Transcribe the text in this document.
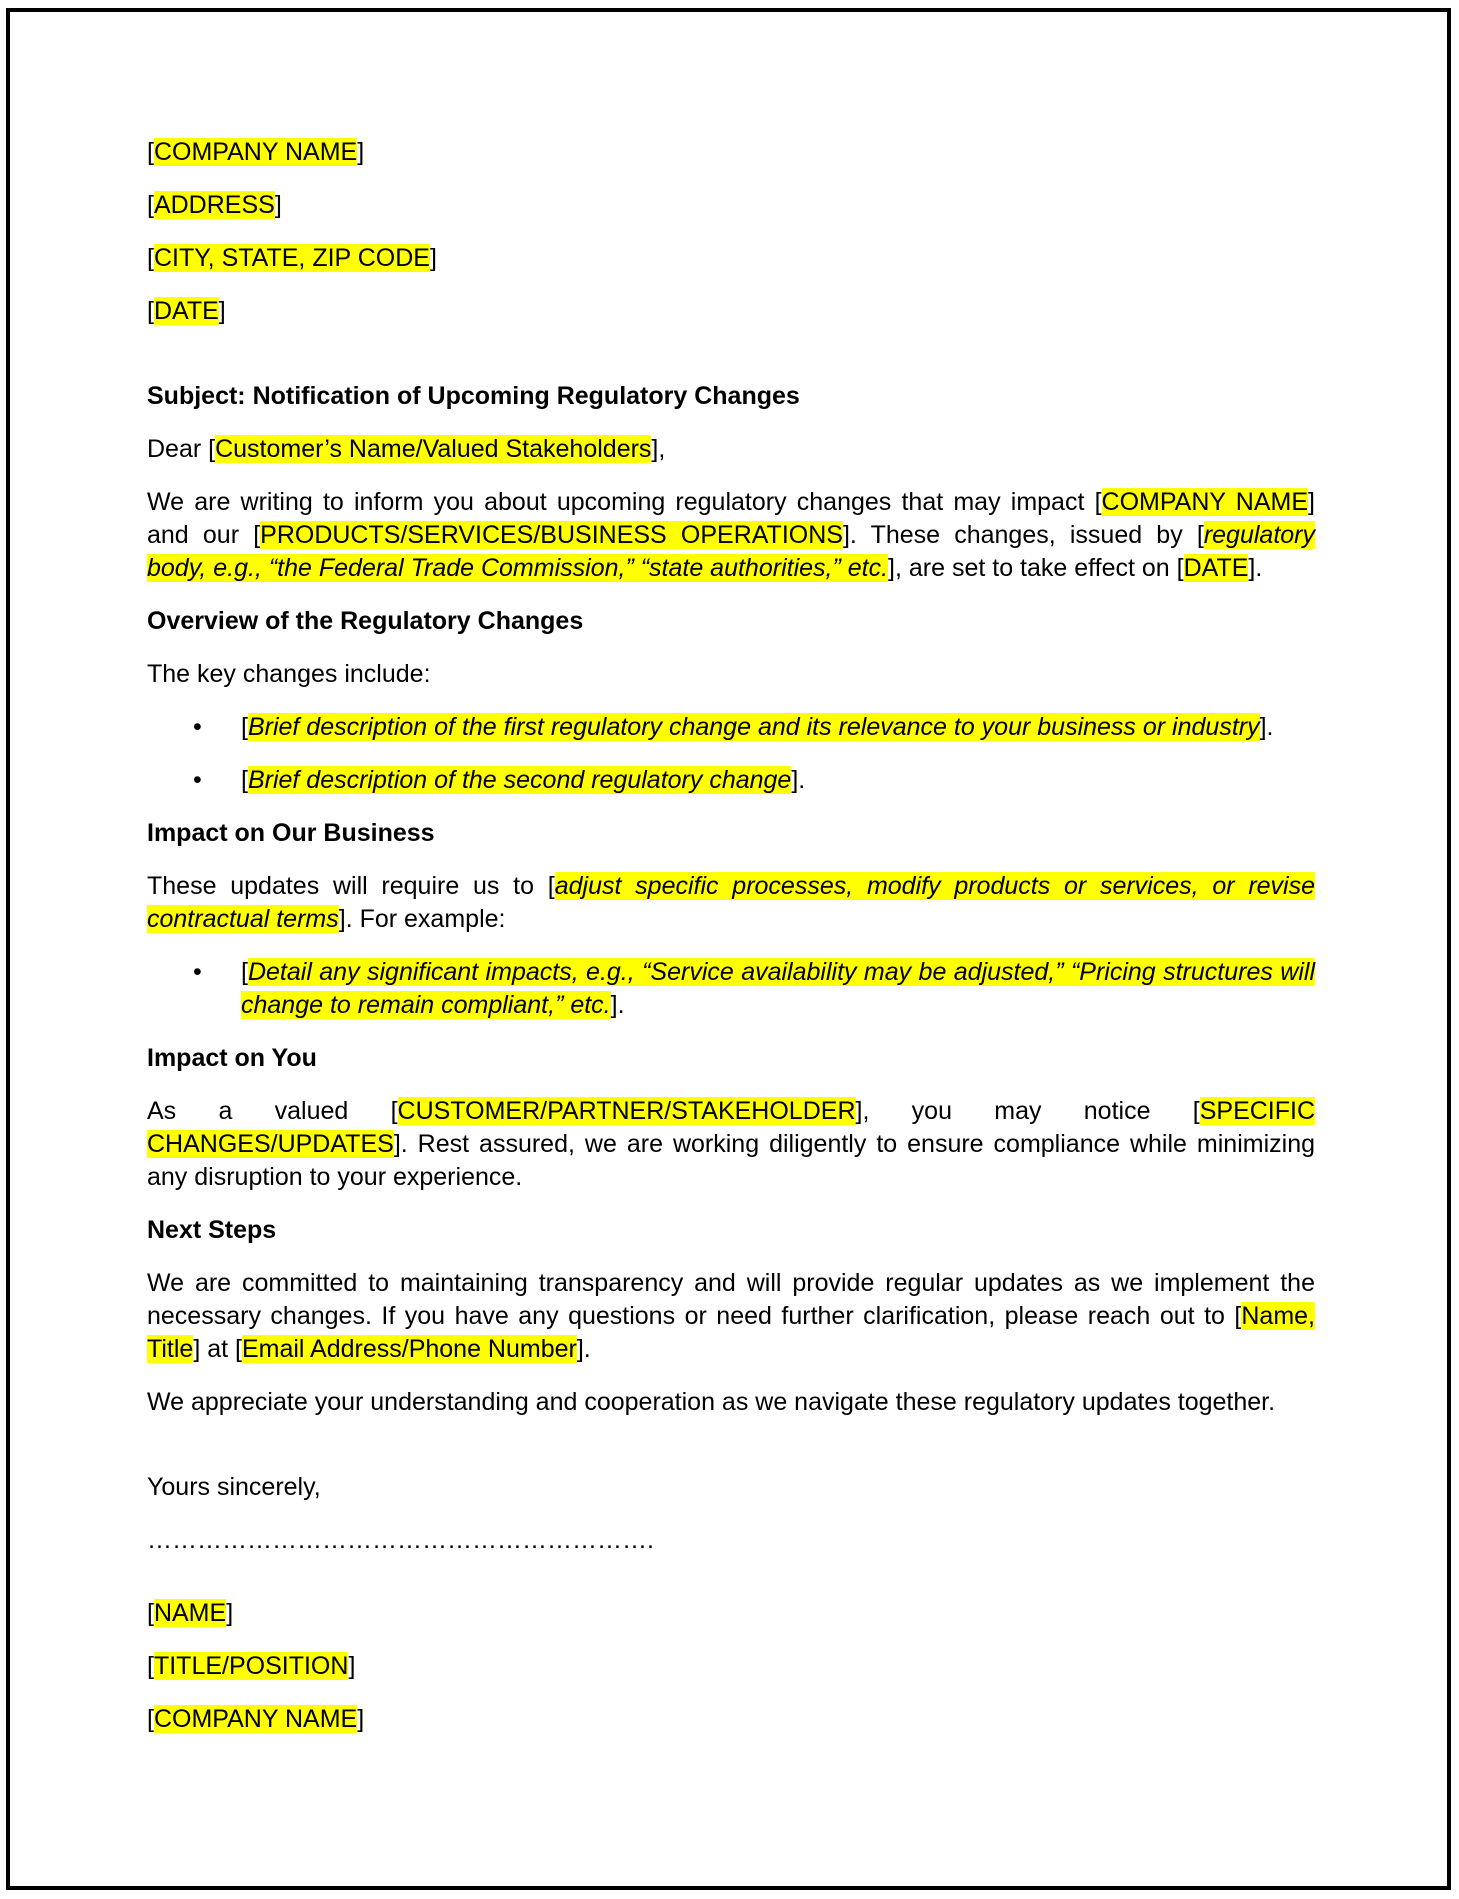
[COMPANY NAME]

[ADDRESS]

[CITY, STATE, ZIP CODE]

[DATE]

Subject: Notification of Upcoming Regulatory Changes

Dear [Customer’s Name/Valued Stakeholders],

We are writing to inform you about upcoming regulatory changes that may impact [COMPANY NAME] and our [PRODUCTS/SERVICES/BUSINESS OPERATIONS]. These changes, issued by [regulatory body, e.g., “the Federal Trade Commission,” “state authorities,” etc.], are set to take effect on [DATE].

Overview of the Regulatory Changes

The key changes include:

• [Brief description of the first regulatory change and its relevance to your business or industry].
• [Brief description of the second regulatory change].

Impact on Our Business

These updates will require us to [adjust specific processes, modify products or services, or revise contractual terms]. For example:

• [Detail any significant impacts, e.g., “Service availability may be adjusted,” “Pricing structures will change to remain compliant,” etc.].

Impact on You

As a valued [CUSTOMER/PARTNER/STAKEHOLDER], you may notice [SPECIFIC CHANGES/UPDATES]. Rest assured, we are working diligently to ensure compliance while minimizing any disruption to your experience.

Next Steps

We are committed to maintaining transparency and will provide regular updates as we implement the necessary changes. If you have any questions or need further clarification, please reach out to [Name, Title] at [Email Address/Phone Number].

We appreciate your understanding and cooperation as we navigate these regulatory updates together.

Yours sincerely,

…………………………………………………….

[NAME]

[TITLE/POSITION]

[COMPANY NAME]
